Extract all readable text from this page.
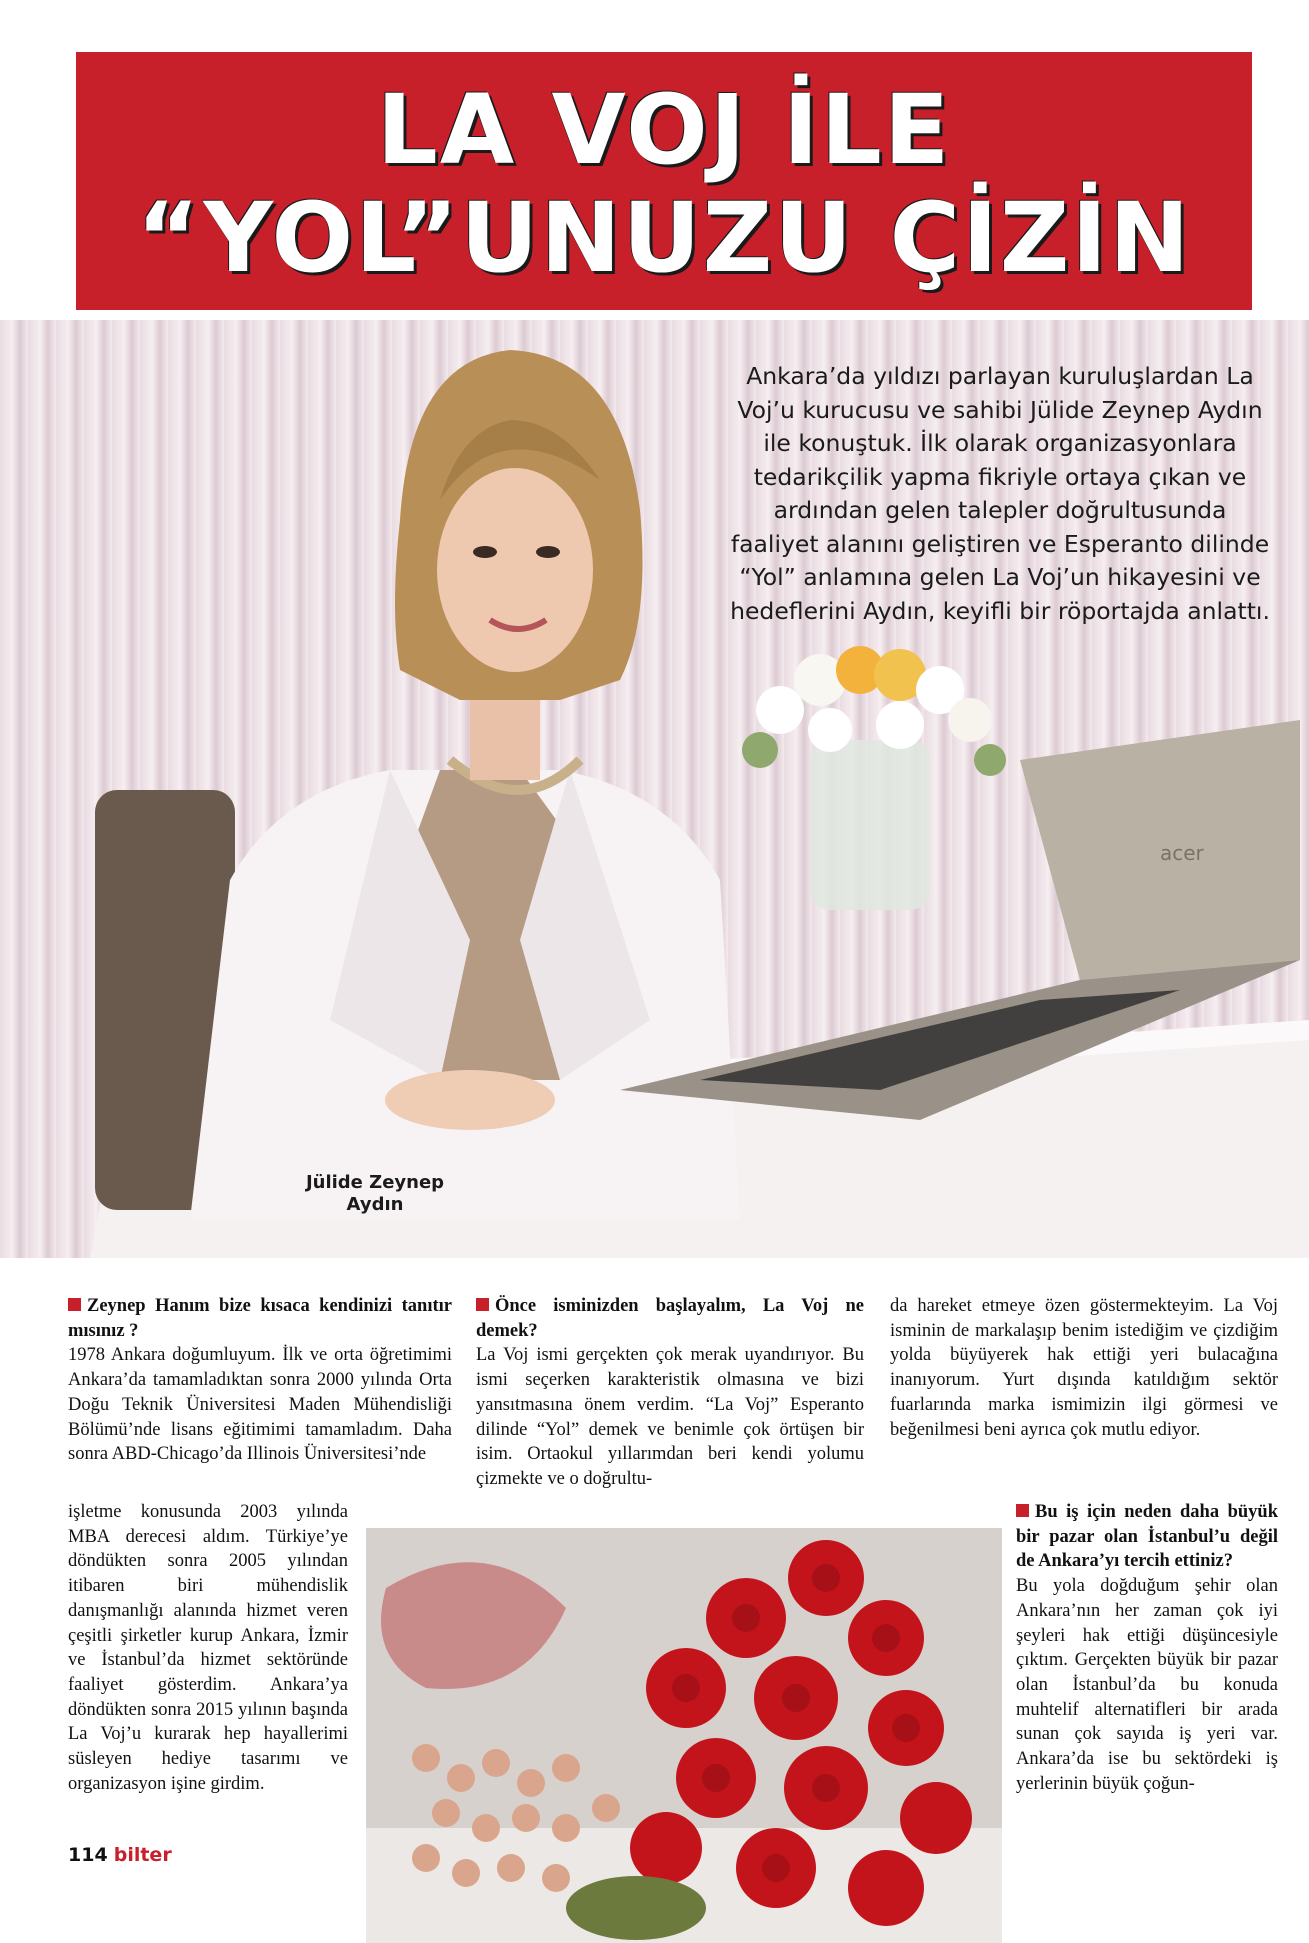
LA VOJ İLE
“YOL”UNUZU ÇİZİN
acer
Ankara’da yıldızı parlayan kuruluşlardan La Voj’u kurucusu ve sahibi Jülide Zeynep Aydın ile konuştuk. İlk olarak organizasyonlara tedarikçilik yapma fikriyle ortaya çıkan ve ardından gelen talepler doğrultusunda faaliyet alanını geliştiren ve Esperanto dilinde “Yol” anlamına gelen La Voj’un hikayesini ve hedeflerini Aydın, keyifli bir röportajda anlattı.
Jülide Zeynep
Aydın

Zeynep Hanım bize kısaca kendinizi tanıtır mısınız ?

1978 Ankara doğumluyum. İlk ve orta öğretimimi Ankara’da tamamladıktan sonra 2000 yılında Orta Doğu Teknik Üniversitesi Maden Mühendisliği Bölümü’nde lisans eğitimimi tamamladım. Daha sonra ABD-Chicago’da Illinois Üniversitesi’nde

işletme konusunda 2003 yılında MBA derecesi aldım. Türkiye’ye döndükten sonra 2005 yılından itibaren biri mühendislik danışmanlığı alanında hizmet veren çeşitli şirketler kurup Ankara, İzmir ve İstanbul’da hizmet sektöründe faaliyet gösterdim. Ankara’ya döndükten sonra 2015 yılının başında La Voj’u kurarak hep hayallerimi süsleyen hediye tasarımı ve organizasyon işine girdim.

Önce isminizden başlayalım, La Voj ne demek?

La Voj ismi gerçekten çok merak uyandırıyor. Bu ismi seçerken karakteristik olmasına ve bizi yansıtmasına önem verdim. “La Voj” Esperanto dilinde “Yol” demek ve benimle çok örtüşen bir isim. Ortaokul yıllarımdan beri kendi yolumu çizmekte ve o doğrultu-

da hareket etmeye özen göstermekteyim. La Voj isminin de markalaşıp benim istediğim ve çizdiğim yolda büyüyerek hak ettiği yeri bulacağına inanıyorum. Yurt dışında katıldığım sektör fuarlarında marka ismimizin ilgi görmesi ve beğenilmesi beni ayrıca çok mutlu ediyor.

Bu iş için neden daha büyük bir pazar olan İstanbul’u değil de Ankara’yı tercih ettiniz?

Bu yola doğduğum şehir olan Ankara’nın her zaman çok iyi şeyleri hak ettiği düşüncesiyle çıktım. Gerçekten büyük bir pazar olan İstanbul’da bu konuda muhtelif alternatifleri bir arada sunan çok sayıda iş yeri var. Ankara’da ise bu sektördeki iş yerlerinin büyük çoğun-

114 bilter
